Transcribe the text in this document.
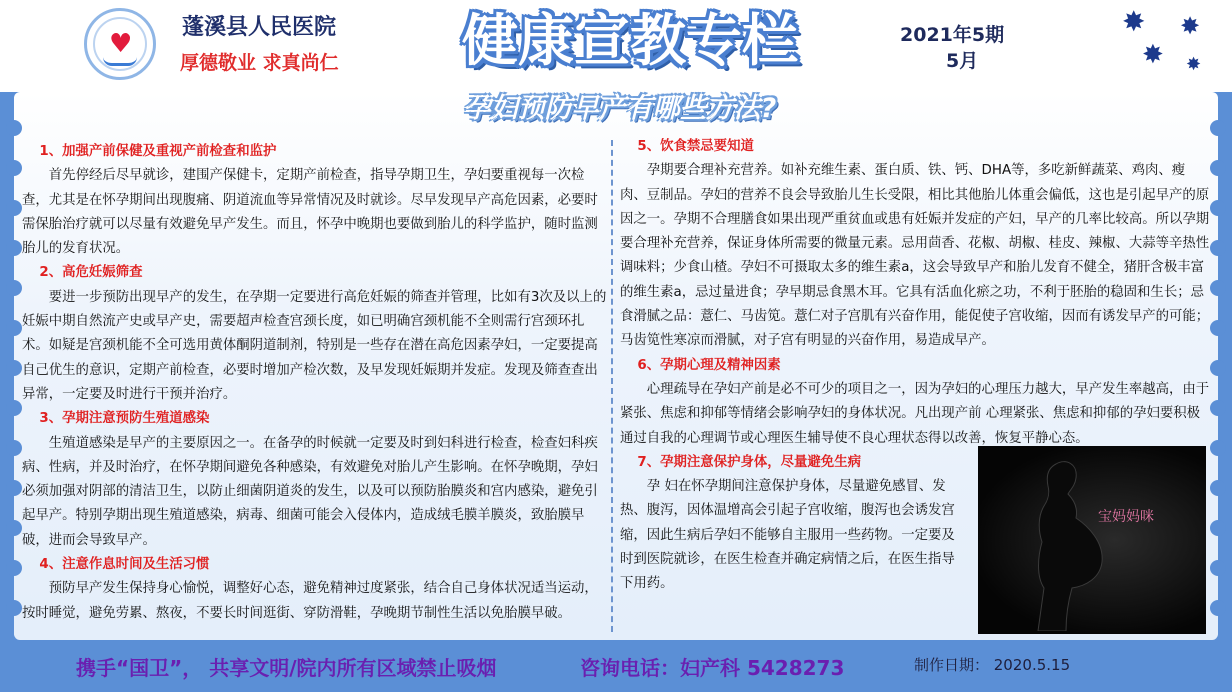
♥
蓬溪县人民医院
厚德敬业 求真尚仁	健康宣教专栏	2021年5期
5月
✸ ✸
✸ ✸
孕妇预防早产有哪些方法?

1、加强产前保健及重视产前检查和监护

首先停经后尽早就诊，建围产保健卡，定期产前检查，指导孕期卫生，孕妇要重视每一次检查，尤其是在怀孕期间出现腹痛、阴道流血等异常情况及时就诊。尽早发现早产高危因素，必要时需保胎治疗就可以尽量有效避免早产发生。而且，怀孕中晚期也要做到胎儿的科学监护，随时监测胎儿的发育状况。

2、高危妊娠筛查

要进一步预防出现早产的发生，在孕期一定要进行高危妊娠的筛查并管理，比如有3次及以上的妊娠中期自然流产史或早产史，需要超声检查宫颈长度，如已明确宫颈机能不全则需行宫颈环扎术。如疑是宫颈机能不全可选用黄体酮阴道制剂，特别是一些存在潜在高危因素孕妇，一定要提高自己优生的意识，定期产前检查，必要时增加产检次数，及早发现妊娠期并发症。发现及筛查查出异常，一定要及时进行干预并治疗。

3、孕期注意预防生殖道感染

生殖道感染是早产的主要原因之一。在备孕的时候就一定要及时到妇科进行检查，检查妇科疾病、性病，并及时治疗，在怀孕期间避免各种感染，有效避免对胎儿产生影响。在怀孕晚期，孕妇必须加强对阴部的清洁卫生，以防止细菌阴道炎的发生，以及可以预防胎膜炎和宫内感染，避免引起早产。特别孕期出现生殖道感染，病毒、细菌可能会入侵体内，造成绒毛膜羊膜炎，致胎膜早破，进而会导致早产。

4、注意作息时间及生活习惯

预防早产发生保持身心愉悦，调整好心态，避免精神过度紧张，结合自己身体状况适当运动，按时睡觉，避免劳累、熬夜，不要长时间逛街、穿防滑鞋，孕晚期节制性生活以免胎膜早破。

5、饮食禁忌要知道

孕期要合理补充营养。如补充维生素、蛋白质、铁、钙、DHA等，多吃新鲜蔬菜、鸡肉、瘦肉、豆制品。孕妇的营养不良会导致胎儿生长受限，相比其他胎儿体重会偏低，这也是引起早产的原因之一。孕期不合理膳食如果出现严重贫血或患有妊娠并发症的产妇，早产的几率比较高。所以孕期要合理补充营养，保证身体所需要的微量元素。忌用茴香、花椒、胡椒、桂皮、辣椒、大蒜等辛热性调味料；少食山楂。孕妇不可摄取太多的维生素a，这会导致早产和胎儿发育不健全，猪肝含极丰富的维生素a，忌过量进食；孕早期忌食黑木耳。它具有活血化瘀之功，不利于胚胎的稳固和生长；忌食滑腻之品：薏仁、马齿笕。薏仁对子宫肌有兴奋作用，能促使子宫收缩，因而有诱发早产的可能；马齿笕性寒凉而滑腻，对子宫有明显的兴奋作用，易造成早产。

6、孕期心理及精神因素

心理疏导在孕妇产前是必不可少的项目之一，因为孕妇的心理压力越大，早产发生率越高，由于紧张、焦虑和抑郁等情绪会影响孕妇的身体状况。凡出现产前 心理紧张、焦虑和抑郁的孕妇要积极通过自我的心理调节或心理医生辅导使不良心理状态得以改善，恢复平静心态。

7、孕期注意保护身体，尽量避免生病

孕 妇在怀孕期间注意保护身体，尽量避免感冒、发热、腹泻，因体温增高会引起子宫收缩，腹泻也会诱发宫缩，因此生病后孕妇不能够自主服用一些药物。一定要及时到医院就诊，在医生检查并确定病情之后，在医生指导下用药。

宝妈妈咪
携手“国卫”， 共享文明/院内所有区域禁止吸烟	咨询电话：妇产科 5428273	制作日期： 2020.5.15
